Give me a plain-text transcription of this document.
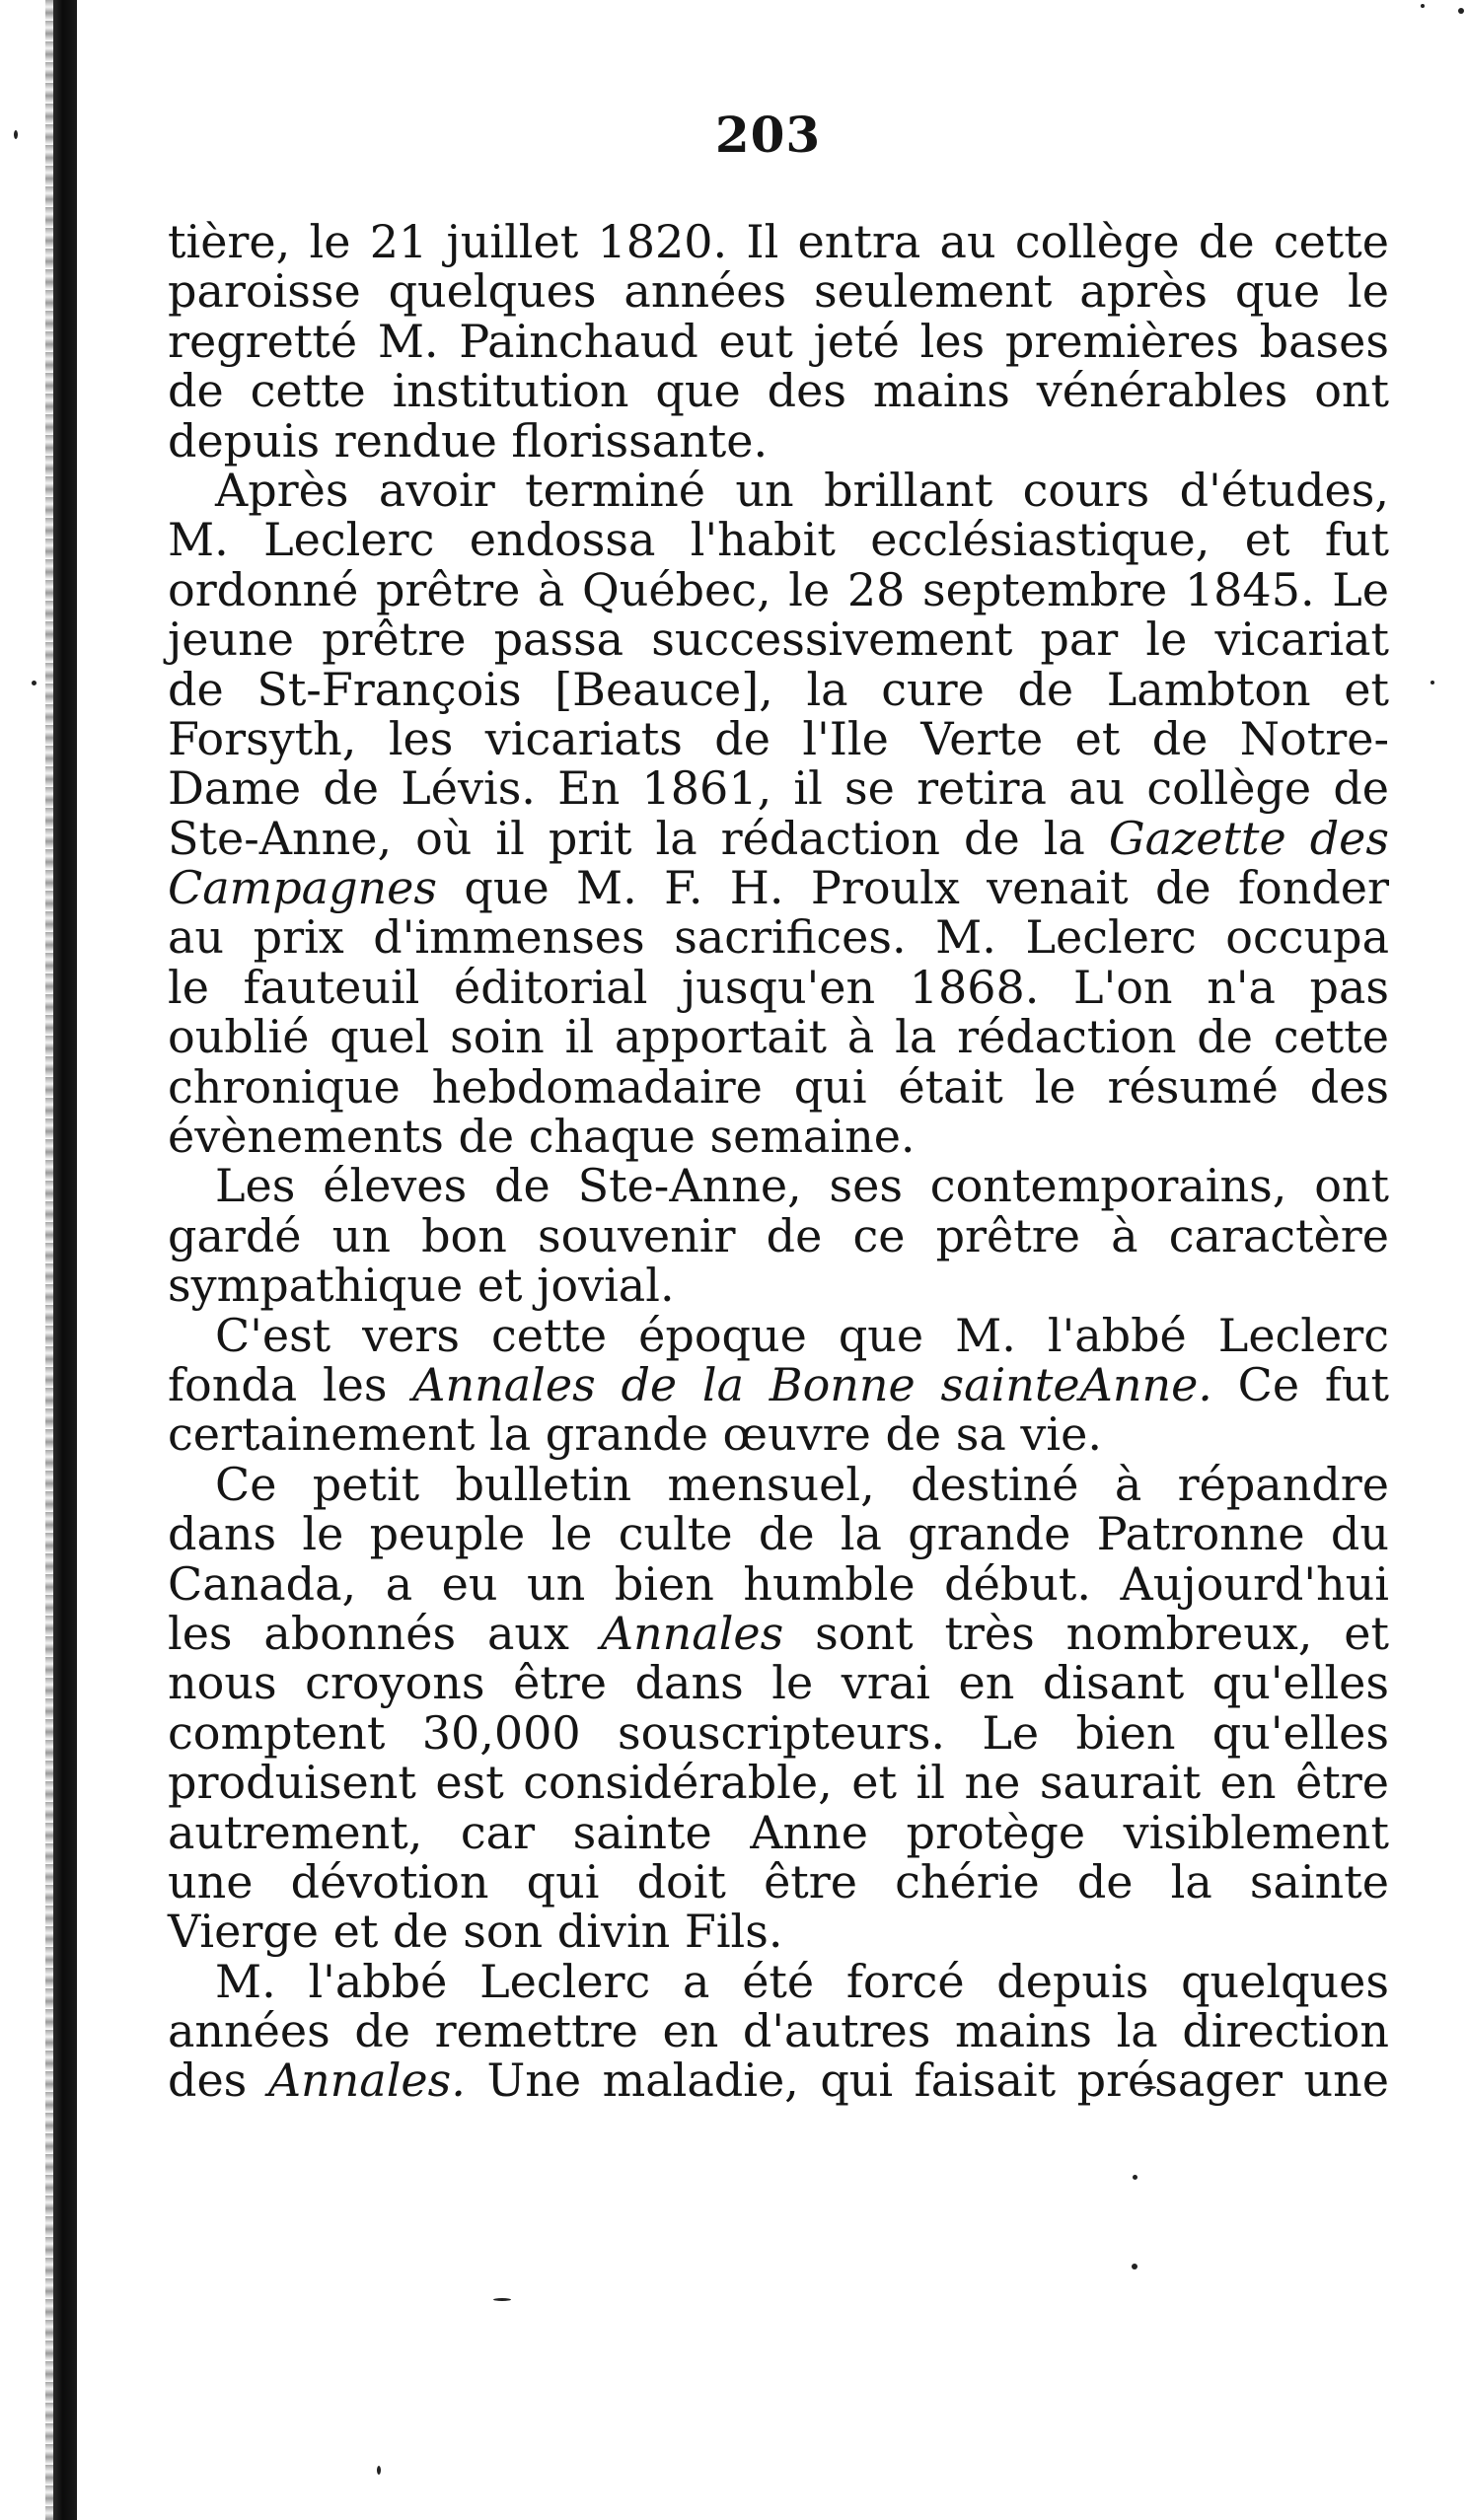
203
tière, le 21 juillet 1820. Il entra au collège de cette
paroisse quelques années seulement après que le
regretté M. Painchaud eut jeté les premières bases
de cette institution que des mains vénérables ont
depuis rendue florissante.
Après avoir terminé un brillant cours d'études,
M. Leclerc endossa l'habit ecclésiastique, et fut
ordonné prêtre à Québec, le 28 septembre 1845. Le
jeune prêtre passa successivement par le vicariat
de St-François [Beauce], la cure de Lambton et
Forsyth, les vicariats de l'Ile Verte et de Notre-
Dame de Lévis. En 1861, il se retira au collège de
Ste-Anne, où il prit la rédaction de la Gazette des
Campagnes que M. F. H. Proulx venait de fonder
au prix d'immenses sacrifices. M. Leclerc occupa
le fauteuil éditorial jusqu'en 1868. L'on n'a pas
oublié quel soin il apportait à la rédaction de cette
chronique hebdomadaire qui était le résumé des
évènements de chaque semaine.
Les éleves de Ste-Anne, ses contemporains, ont
gardé un bon souvenir de ce prêtre à caractère
sympathique et jovial.
C'est vers cette époque que M. l'abbé Leclerc
fonda les Annales de la Bonne sainteAnne. Ce fut
certainement la grande œuvre de sa vie.
Ce petit bulletin mensuel, destiné à répandre
dans le peuple le culte de la grande Patronne du
Canada, a eu un bien humble début. Aujourd'hui
les abonnés aux Annales sont très nombreux, et
nous croyons être dans le vrai en disant qu'elles
comptent 30,000 souscripteurs. Le bien qu'elles
produisent est considérable, et il ne saurait en être
autrement, car sainte Anne protège visiblement
une dévotion qui doit être chérie de la sainte
Vierge et de son divin Fils.
M. l'abbé Leclerc a été forcé depuis quelques
années de remettre en d'autres mains la direction
des Annales. Une maladie, qui faisait présager une
